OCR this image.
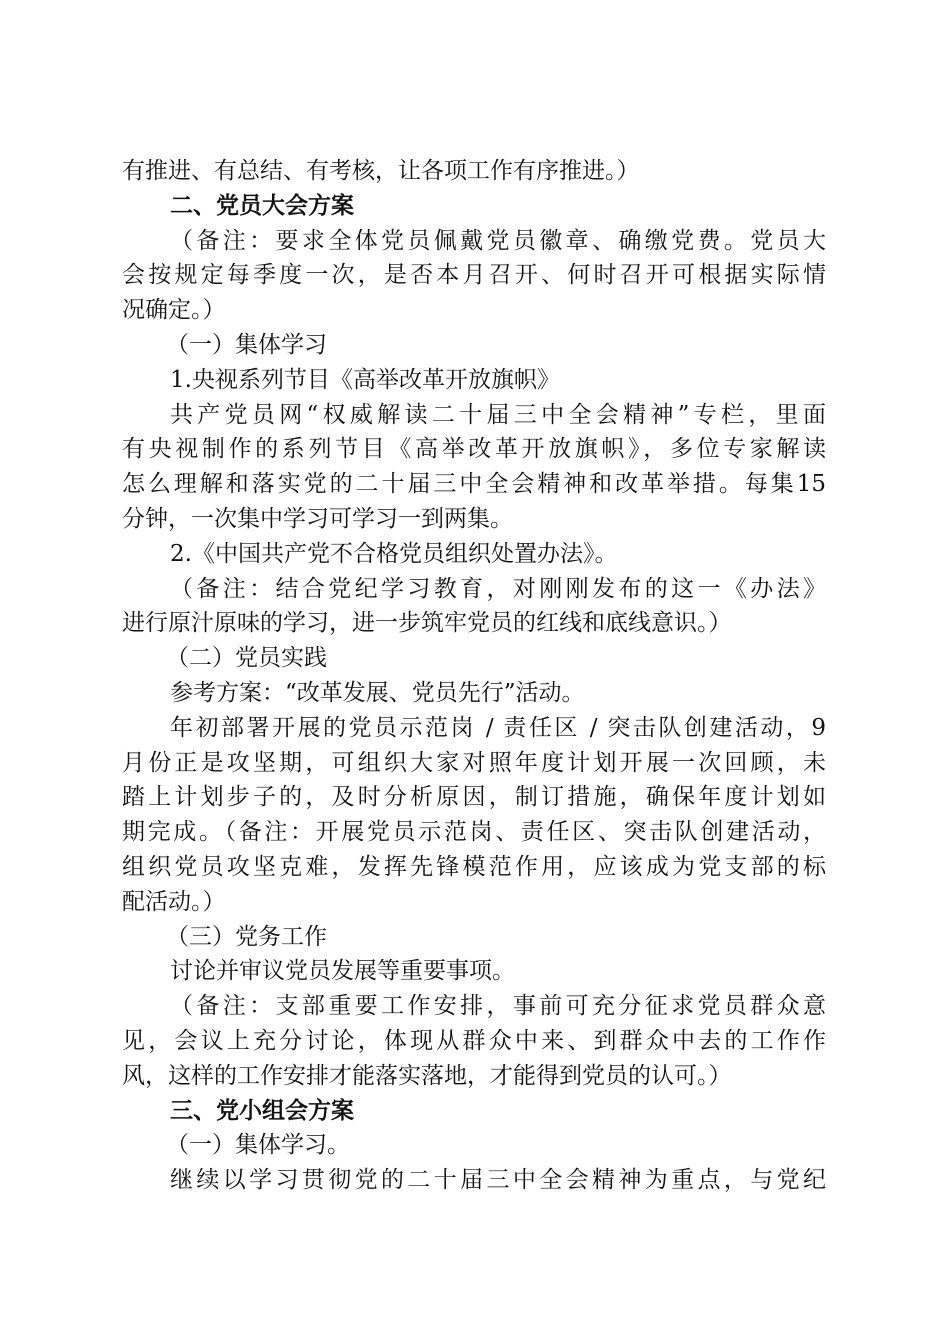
有推进、有总结、有考核，让各项工作有序推进。）
二、党员大会方案
（备注：要求全体党员佩戴党员徽章、确缴党费。党员大
会按规定每季度一次，是否本月召开、何时召开可根据实际情
况确定。）
（一）集体学习
1.央视系列节目《高举改革开放旗帜》
共产党员网“权威解读二十届三中全会精神”专栏，里面
有央视制作的系列节目《高举改革开放旗帜》，多位专家解读
怎么理解和落实党的二十届三中全会精神和改革举措。每集15
分钟，一次集中学习可学习一到两集。
2.《中国共产党不合格党员组织处置办法》。
（备注：结合党纪学习教育，对刚刚发布的这一《办法》
进行原汁原味的学习，进一步筑牢党员的红线和底线意识。）
（二）党员实践
参考方案：“改革发展、党员先行”活动。
年初部署开展的党员示范岗 / 责任区 / 突击队创建活动，9
月份正是攻坚期，可组织大家对照年度计划开展一次回顾，未
踏上计划步子的，及时分析原因，制订措施，确保年度计划如
期完成。（备注：开展党员示范岗、责任区、突击队创建活动，
组织党员攻坚克难，发挥先锋模范作用，应该成为党支部的标
配活动。）
（三）党务工作
讨论并审议党员发展等重要事项。
（备注：支部重要工作安排，事前可充分征求党员群众意
见，会议上充分讨论，体现从群众中来、到群众中去的工作作
风，这样的工作安排才能落实落地，才能得到党员的认可。）
三、党小组会方案
（一）集体学习。
继续以学习贯彻党的二十届三中全会精神为重点，与党纪
